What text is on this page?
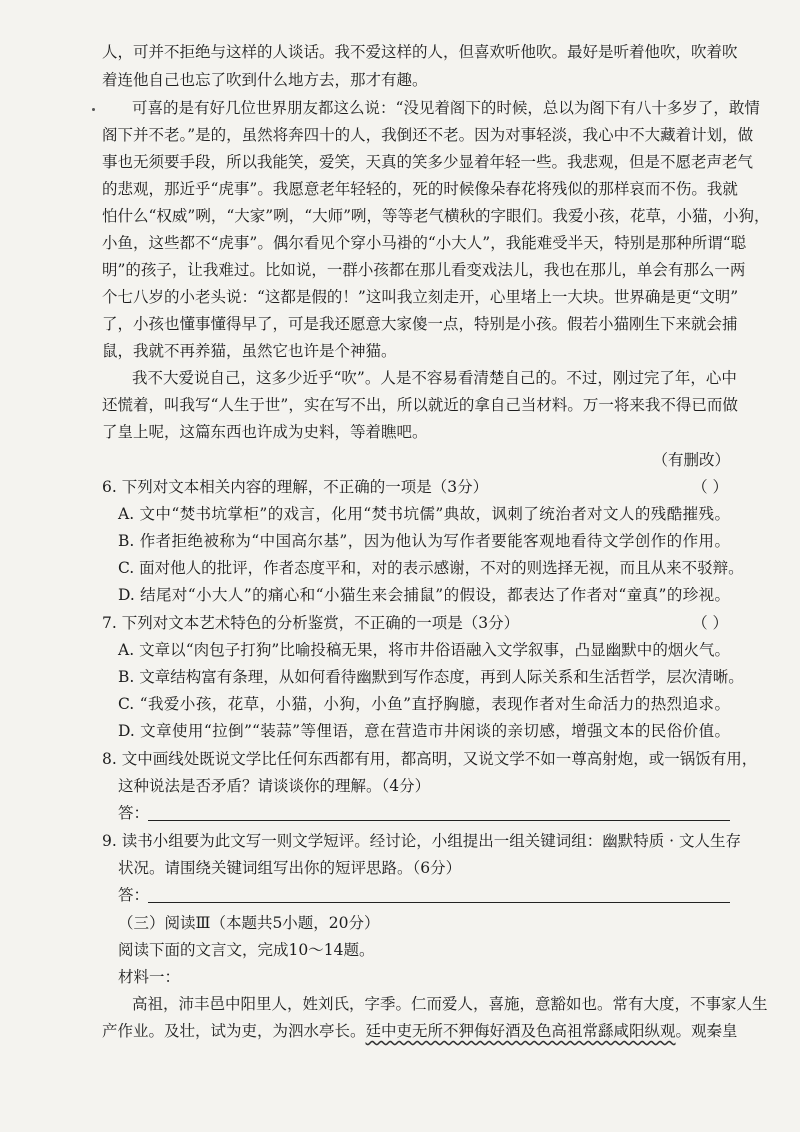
人，可并不拒绝与这样的人谈话。我不爱这样的人，但喜欢听他吹。最好是听着他吹，吹着吹
着连他自己也忘了吹到什么地方去，那才有趣。
可喜的是有好几位世界朋友都这么说：“没见着阁下的时候，总以为阁下有八十多岁了，敢情
阁下并不老。”是的，虽然将奔四十的人，我倒还不老。因为对事轻淡，我心中不大藏着计划，做
事也无须要手段，所以我能笑，爱笑，天真的笑多少显着年轻一些。我悲观，但是不愿老声老气
的悲观，那近乎“虎事”。我愿意老年轻轻的，死的时候像朵春花将残似的那样哀而不伤。我就
怕什么“权威”咧，“大家”咧，“大师”咧，等等老气横秋的字眼们。我爱小孩，花草，小猫，小狗，
小鱼，这些都不“虎事”。偶尔看见个穿小马褂的“小大人”，我能难受半天，特别是那种所谓“聪
明”的孩子，让我难过。比如说，一群小孩都在那儿看变戏法儿，我也在那儿，单会有那么一两
个七八岁的小老头说：“这都是假的！”这叫我立刻走开，心里堵上一大块。世界确是更“文明”
了，小孩也懂事懂得早了，可是我还愿意大家傻一点，特别是小孩。假若小猫刚生下来就会捕
鼠，我就不再养猫，虽然它也许是个神猫。
我不大爱说自己，这多少近乎“吹”。人是不容易看清楚自己的。不过，刚过完了年，心中
还慌着，叫我写“人生于世”，实在写不出，所以就近的拿自己当材料。万一将来我不得已而做
了皇上呢，这篇东西也许成为史料，等着瞧吧。
（有删改）
6. 下列对文本相关内容的理解，不正确的一项是（3分）	（ ）
A. 文中“焚书坑掌柜”的戏言，化用“焚书坑儒”典故，讽刺了统治者对文人的残酷摧残。
B. 作者拒绝被称为“中国高尔基”，因为他认为写作者要能客观地看待文学创作的作用。
C. 面对他人的批评，作者态度平和，对的表示感谢，不对的则选择无视，而且从来不驳辩。
D. 结尾对“小大人”的痛心和“小猫生来会捕鼠”的假设，都表达了作者对“童真”的珍视。
7. 下列对文本艺术特色的分析鉴赏，不正确的一项是（3分）	（ ）
A. 文章以“肉包子打狗”比喻投稿无果，将市井俗语融入文学叙事，凸显幽默中的烟火气。
B. 文章结构富有条理，从如何看待幽默到写作态度，再到人际关系和生活哲学，层次清晰。
C. “我爱小孩，花草，小猫，小狗，小鱼”直抒胸臆，表现作者对生命活力的热烈追求。
D. 文章使用“拉倒”“装蒜”等俚语，意在营造市井闲谈的亲切感，增强文本的民俗价值。
8. 文中画线处既说文学比任何东西都有用，都高明，又说文学不如一尊高射炮，或一锅饭有用，
这种说法是否矛盾？请谈谈你的理解。（4分）
答：
9. 读书小组要为此文写一则文学短评。经讨论，小组提出一组关键词组：幽默特质 · 文人生存
状况。请围绕关键词组写出你的短评思路。（6分）
答：
（三）阅读Ⅲ（本题共5小题，20分）
阅读下面的文言文，完成10～14题。
材料一：
高祖，沛丰邑中阳里人，姓刘氏，字季。仁而爱人，喜施，意豁如也。常有大度，不事家人生
产作业。及壮，试为吏，为泗水亭长。廷中吏无所不狎侮好酒及色高祖常繇咸阳纵观。观秦皇
